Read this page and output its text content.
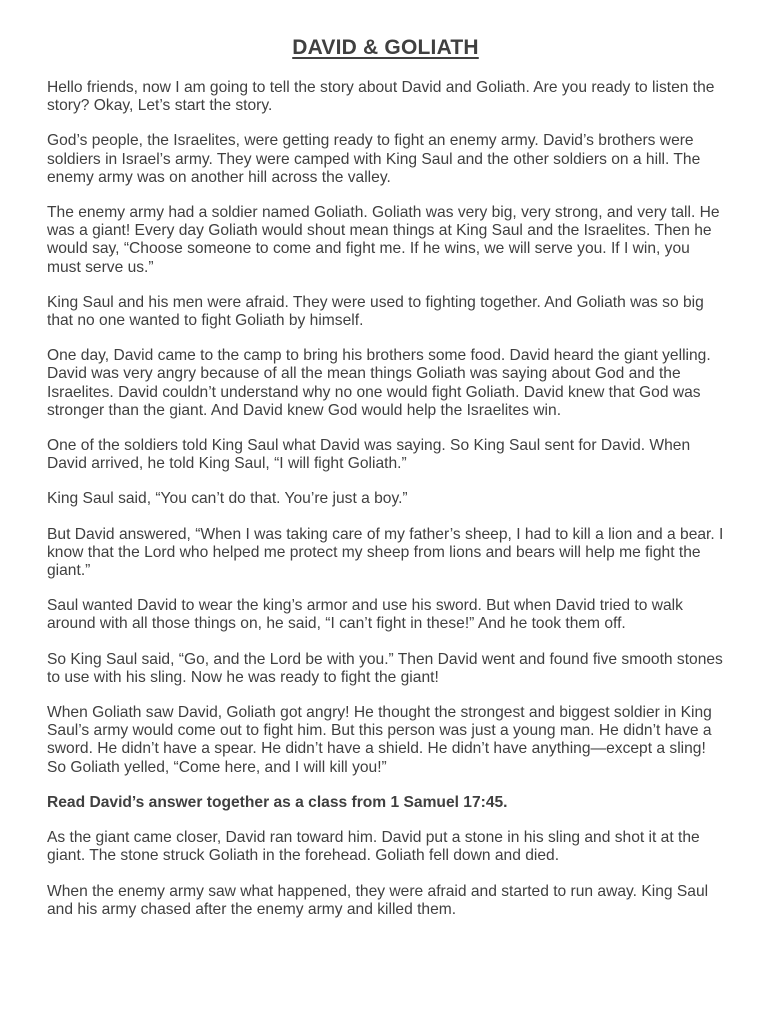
DAVID & GOLIATH

Hello friends, now I am going to tell the story about David and Goliath. Are you ready to listen the story? Okay, Let’s start the story.

God’s people, the Israelites, were getting ready to fight an enemy army. David’s brothers were soldiers in Israel’s army. They were camped with King Saul and the other soldiers on a hill. The enemy army was on another hill across the valley.

The enemy army had a soldier named Goliath. Goliath was very big, very strong, and very tall. He was a giant! Every day Goliath would shout mean things at King Saul and the Israelites. Then he would say, “Choose someone to come and fight me. If he wins, we will serve you. If I win, you must serve us.”

King Saul and his men were afraid. They were used to fighting together. And Goliath was so big that no one wanted to fight Goliath by himself.

One day, David came to the camp to bring his brothers some food. David heard the giant yelling. David was very angry because of all the mean things Goliath was saying about God and the Israelites. David couldn’t understand why no one would fight Goliath. David knew that God was stronger than the giant. And David knew God would help the Israelites win.

One of the soldiers told King Saul what David was saying. So King Saul sent for David. When David arrived, he told King Saul, “I will fight Goliath.”

King Saul said, “You can’t do that. You’re just a boy.”

But David answered, “When I was taking care of my father’s sheep, I had to kill a lion and a bear. I know that the Lord who helped me protect my sheep from lions and bears will help me fight the giant.”

Saul wanted David to wear the king’s armor and use his sword. But when David tried to walk around with all those things on, he said, “I can’t fight in these!” And he took them off.

So King Saul said, “Go, and the Lord be with you.” Then David went and found five smooth stones to use with his sling. Now he was ready to fight the giant!

When Goliath saw David, Goliath got angry! He thought the strongest and biggest soldier in King Saul’s army would come out to fight him. But this person was just a young man. He didn’t have a sword. He didn’t have a spear. He didn’t have a shield. He didn’t have anything—except a sling! So Goliath yelled, “Come here, and I will kill you!”

Read David’s answer together as a class from 1 Samuel 17:45.

As the giant came closer, David ran toward him. David put a stone in his sling and shot it at the giant. The stone struck Goliath in the forehead. Goliath fell down and died.

When the enemy army saw what happened, they were afraid and started to run away. King Saul and his army chased after the enemy army and killed them.
